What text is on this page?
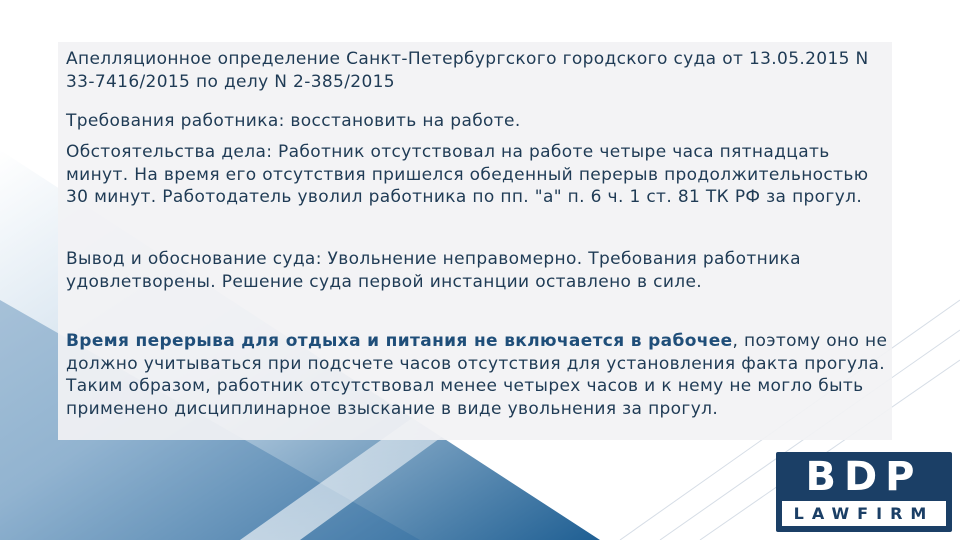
Апелляционное определение Санкт-Петербургского городского суда от 13.05.2015 N 33-7416/2015 по делу N 2-385/2015

Требования работника: восстановить на работе.

Обстоятельства дела: Работник отсутствовал на работе четыре часа пятнадцать минут. На время его отсутствия пришелся обеденный перерыв продолжительностью 30 минут. Работодатель уволил работника по пп. "а" п. 6 ч. 1 ст. 81 ТК РФ за прогул.

Вывод и обоснование суда: Увольнение неправомерно. Требования работника удовлетворены. Решение суда первой инстанции оставлено в силе.

Время перерыва для отдыха и питания не включается в рабочее, поэтому оно не должно учитываться при подсчете часов отсутствия для установления факта прогула. Таким образом, работник отсутствовал менее четырех часов и к нему не могло быть применено дисциплинарное взыскание в виде увольнения за прогул.

BDP
LAWFIRM
